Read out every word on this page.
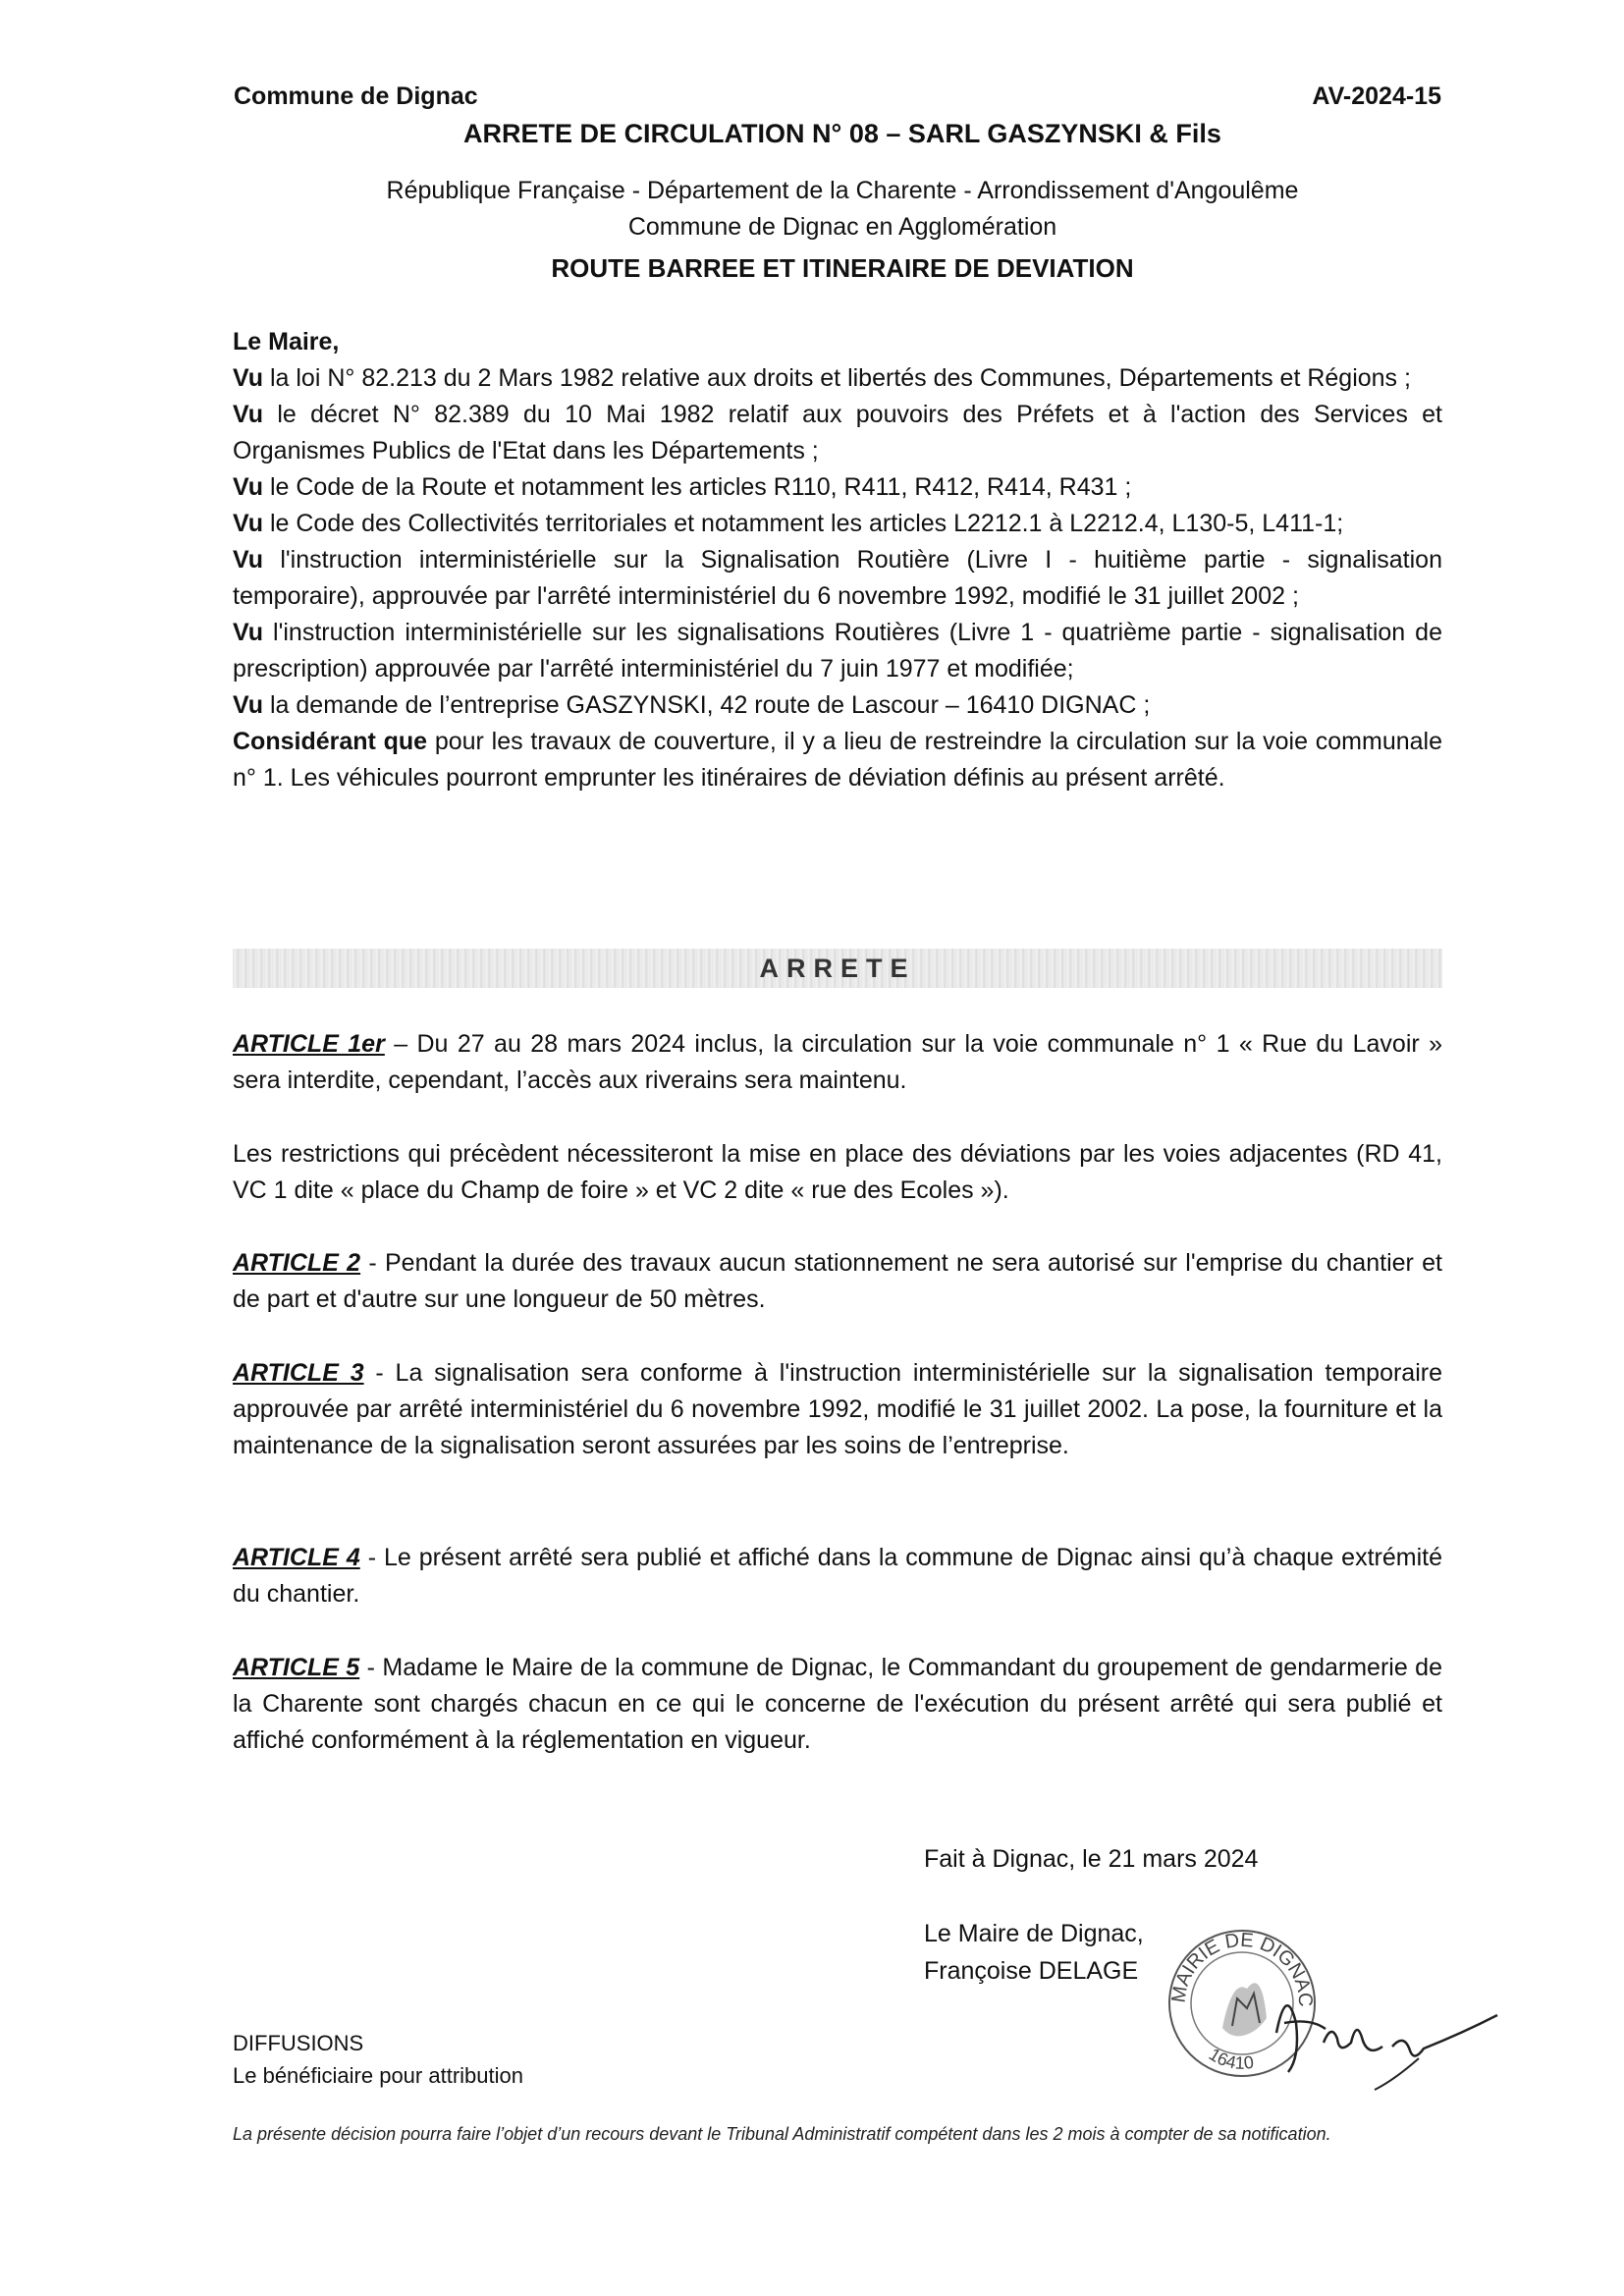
Commune de Dignac	AV-2024-15
ARRETE DE CIRCULATION N° 08 – SARL GASZYNSKI & Fils
République Française - Département de la Charente - Arrondissement d'Angoulême
Commune de Dignac en Agglomération
ROUTE BARREE ET ITINERAIRE DE DEVIATION

Le Maire,

Vu la loi N° 82.213 du 2 Mars 1982 relative aux droits et libertés des Communes, Départements et Régions ;

Vu le décret N° 82.389 du 10 Mai 1982 relatif aux pouvoirs des Préfets et à l'action des Services et Organismes Publics de l'Etat dans les Départements ;

Vu le Code de la Route et notamment les articles R110, R411, R412, R414, R431 ;

Vu le Code des Collectivités territoriales et notamment les articles L2212.1 à L2212.4, L130-5, L411-1;

Vu l'instruction interministérielle sur la Signalisation Routière (Livre I - huitième partie - signalisation temporaire), approuvée par l'arrêté interministériel du 6 novembre 1992, modifié le 31 juillet 2002 ;

Vu l'instruction interministérielle sur les signalisations Routières (Livre 1 - quatrième partie - signalisation de prescription) approuvée par l'arrêté interministériel du 7 juin 1977 et modifiée;

Vu la demande de l’entreprise GASZYNSKI, 42 route de Lascour – 16410 DIGNAC ;

Considérant que pour les travaux de couverture, il y a lieu de restreindre la circulation sur la voie communale n° 1. Les véhicules pourront emprunter les itinéraires de déviation définis au présent arrêté.

ARRETE

ARTICLE 1er – Du 27 au 28 mars 2024 inclus, la circulation sur la voie communale n° 1 « Rue du Lavoir » sera interdite, cependant, l’accès aux riverains sera maintenu.

Les restrictions qui précèdent nécessiteront la mise en place des déviations par les voies adjacentes (RD 41, VC 1 dite « place du Champ de foire » et VC 2 dite « rue des Ecoles »).

ARTICLE 2 - Pendant la durée des travaux aucun stationnement ne sera autorisé sur l'emprise du chantier et de part et d'autre sur une longueur de 50 mètres.

ARTICLE 3 - La signalisation sera conforme à l'instruction interministérielle sur la signalisation temporaire approuvée par arrêté interministériel du 6 novembre 1992, modifié le 31 juillet 2002. La pose, la fourniture et la maintenance de la signalisation seront assurées par les soins de l’entreprise.

ARTICLE 4 - Le présent arrêté sera publié et affiché dans la commune de Dignac ainsi qu’à chaque extrémité du chantier.

ARTICLE 5 - Madame le Maire de la commune de Dignac, le Commandant du groupement de gendarmerie de la Charente sont chargés chacun en ce qui le concerne de l'exécution du présent arrêté qui sera publié et affiché conformément à la réglementation en vigueur.

Fait à Dignac, le 21 mars 2024
Le Maire de Dignac,
Françoise DELAGE
MAIRIE DE DIGNAC
16410
DIFFUSIONS
Le bénéficiaire pour attribution
La présente décision pourra faire l’objet d’un recours devant le Tribunal Administratif compétent dans les 2 mois à compter de sa notification.
